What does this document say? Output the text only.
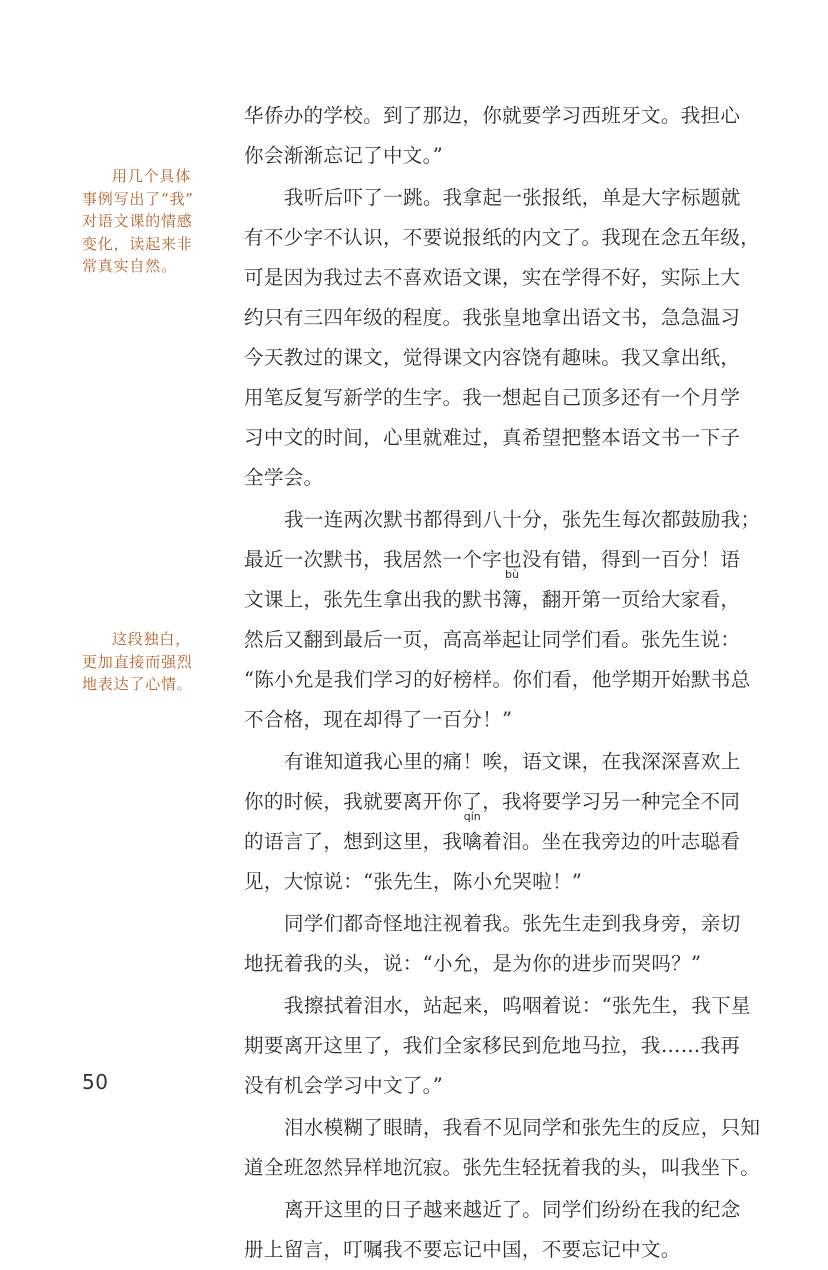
用几个具体
事例写出了“我”
对语文课的情感
变化，读起来非
常真实自然。
这段独白，
更加直接而强烈
地表达了心情。
华侨办的学校。到了那边，你就要学习西班牙文。我担心
你会渐渐忘记了中文。”
我听后吓了一跳。我拿起一张报纸，单是大字标题就
有不少字不认识，不要说报纸的内文了。我现在念五年级，
可是因为我过去不喜欢语文课，实在学得不好，实际上大
约只有三四年级的程度。我张皇地拿出语文书，急急温习
今天教过的课文，觉得课文内容饶有趣味。我又拿出纸，
用笔反复写新学的生字。我一想起自己顶多还有一个月学
习中文的时间，心里就难过，真希望把整本语文书一下子
全学会。
我一连两次默书都得到八十分，张先生每次都鼓励我；
最近一次默书，我居然一个字也没有错，得到一百分！语
文课上，张先生拿出我的默书
bù
簿，翻开第一页给大家看，
然后又翻到最后一页，高高举起让同学们看。张先生说：
“陈小允是我们学习的好榜样。你们看，他学期开始默书总
不合格，现在却得了一百分！”
有谁知道我心里的痛！唉，语文课，在我深深喜欢上
你的时候，我就要离开你了，我将要学习另一种完全不同
的语言了，想到这里，我
qín
噙着泪。坐在我旁边的叶志聪看
见，大惊说：“张先生，陈小允哭啦！”
同学们都奇怪地注视着我。张先生走到我身旁，亲切
地抚着我的头，说：“小允，是为你的进步而哭吗？”
我擦拭着泪水，站起来，呜咽着说：“张先生，我下星
期要离开这里了，我们全家移民到危地马拉，我……我再
没有机会学习中文了。”
泪水模糊了眼睛，我看不见同学和张先生的反应，只知
道全班忽然异样地沉寂。张先生轻抚着我的头，叫我坐下。
离开这里的日子越来越近了。同学们纷纷在我的纪念
册上留言，叮嘱我不要忘记中国，不要忘记中文。
50
